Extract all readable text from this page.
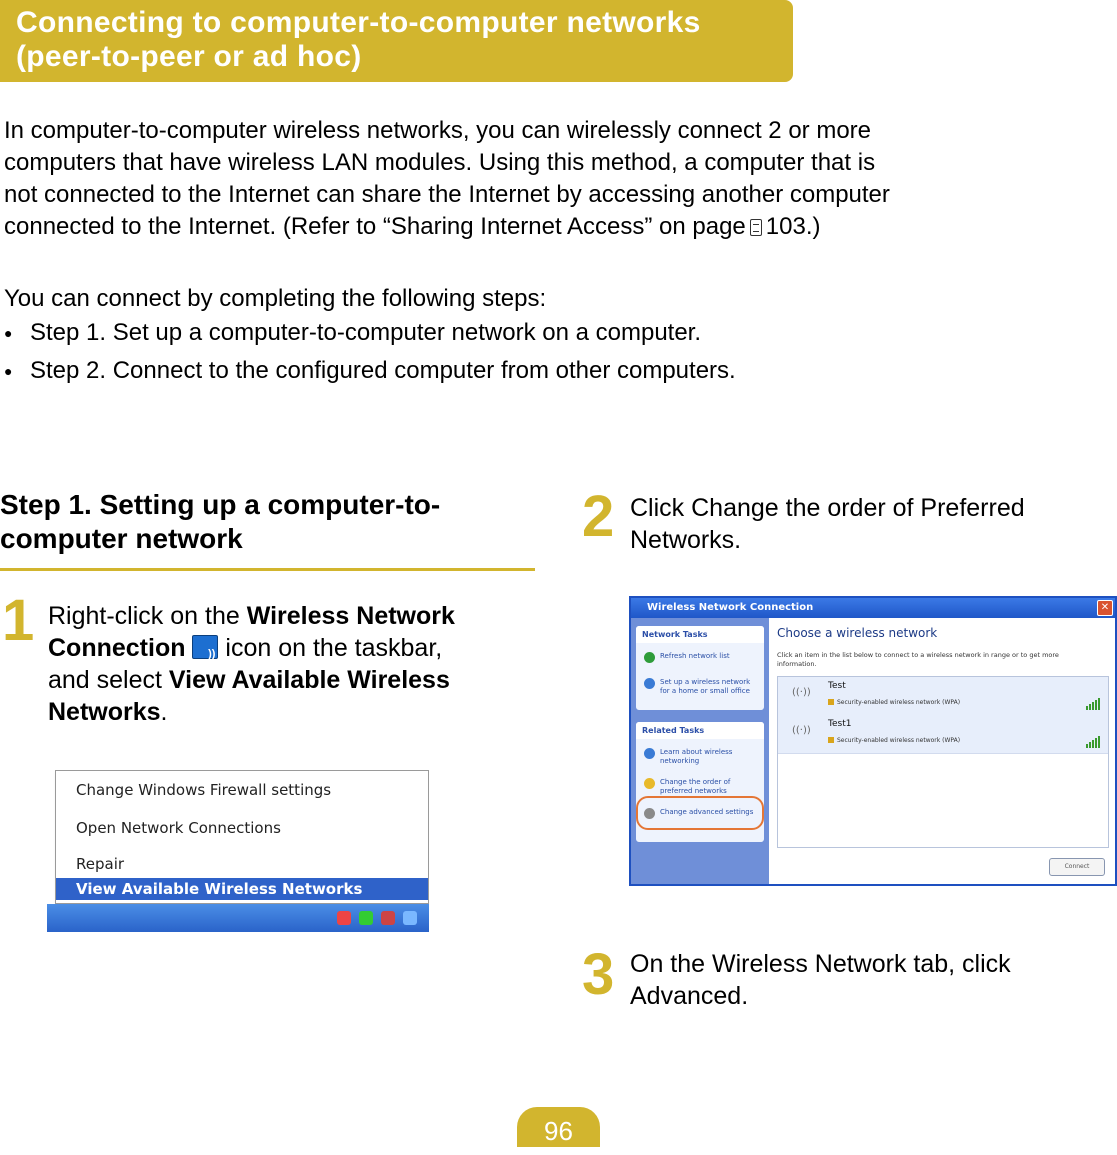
Connecting to computer-to-computer networks
(peer-to-peer or ad hoc)
In computer-to-computer wireless networks, you can wirelessly connect 2 or more
computers that have wireless LAN modules. Using this method, a computer that is
not connected to the Internet can share the Internet by accessing another computer
connected to the Internet. (Refer to “Sharing Internet Access” on page 103.)
You can connect by completing the following steps:
● Step 1. Set up a computer-to-computer network on a computer.
● Step 2. Connect to the configured computer from other computers.
Step 1. Setting up a computer-to-
computer network
1 Right-click on the Wireless Network
Connection )) icon on the taskbar,
and select View Available Wireless
Networks.
Change Windows Firewall settings
Open Network Connections
Repair
View Available Wireless Networks
2 Click Change the order of Preferred
Networks.
Wireless Network Connection	✕
Network Tasks
Refresh network list
Set up a wireless network for a home or small office
Related Tasks
Learn about wireless networking
Change the order of preferred networks
Change advanced settings
Choose a wireless network
Click an item in the list below to connect to a wireless network in range or to get more information.
((·))
Test
Security-enabled wireless network (WPA)
((·))
Test1
Security-enabled wireless network (WPA)
Connect
3 On the Wireless Network tab, click
Advanced.
96
